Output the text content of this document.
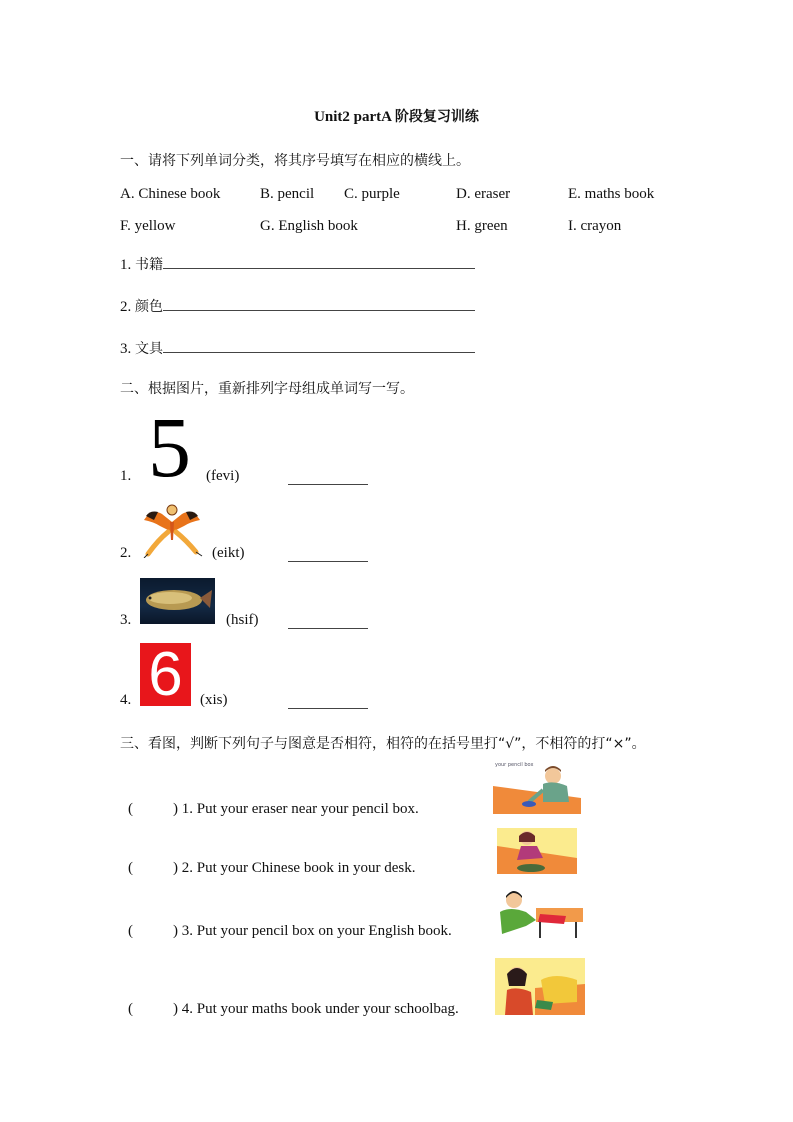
Unit2 partA 阶段复习训练
一、请将下列单词分类，将其序号填写在相应的横线上。
A. Chinese book	B. pencil C. purple	D. eraser	E. maths book
F. yellow	G. English book	H. green	I. crayon
1. 书籍
2. 颜色
3. 文具
二、根据图片，重新排列字母组成单词写一写。
1. 5 (fevi)
2.	(eikt)
3.	(hsif)
4. 6	(xis)
三、看图，判断下列句子与图意是否相符，相符的在括号里打“√”，不相符的打“×”。
(	) 1. Put your eraser near your pencil box.
your pencil box
(	) 2. Put your Chinese book in your desk.
(	) 3. Put your pencil box on your English book.
(	) 4. Put your maths book under your schoolbag.
